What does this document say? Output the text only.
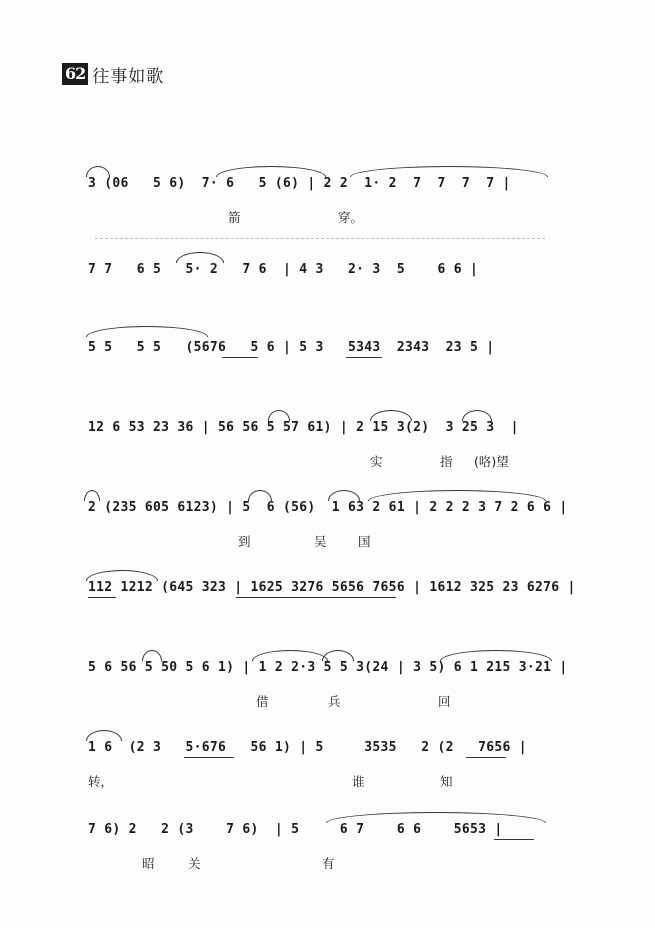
62 往事如歌
3 (06   5 6)  7· 6   5 (6) | 2 2  1· 2  7  7  7  7 |
箭	穿。
7 7   6 5   5· 2   7 6  | 4 3   2· 3  5    6 6 |
5 5   5 5   (5676   5 6 | 5 3   5343  2343  23 5 |
12 6 53 23 36 | 56 56 5 57 61) | 2 15 3(2)  3 25 3  |
实	指 (咯)望
2 (235 605 6123) | 5  6 (56)  1 63 2 61 | 2 2 2 3 7 2 6 6 |
到	吴	国
112 1212 (645 323 | 1625 3276 5656 7656 | 1612 325 23 6276 |
5 6 56 5 50 5 6 1) | 1 2 2·3 5 5 3(24 | 3 5) 6 1 215 3·21 |
借	兵	回
1 6  (2 3   5·676   56 1) | 5     3535   2 (2   7656 |
转，	谁	知
7 6) 2   2 (3    7 6)  | 5     6 7    6 6    5653 |
昭	关	有
